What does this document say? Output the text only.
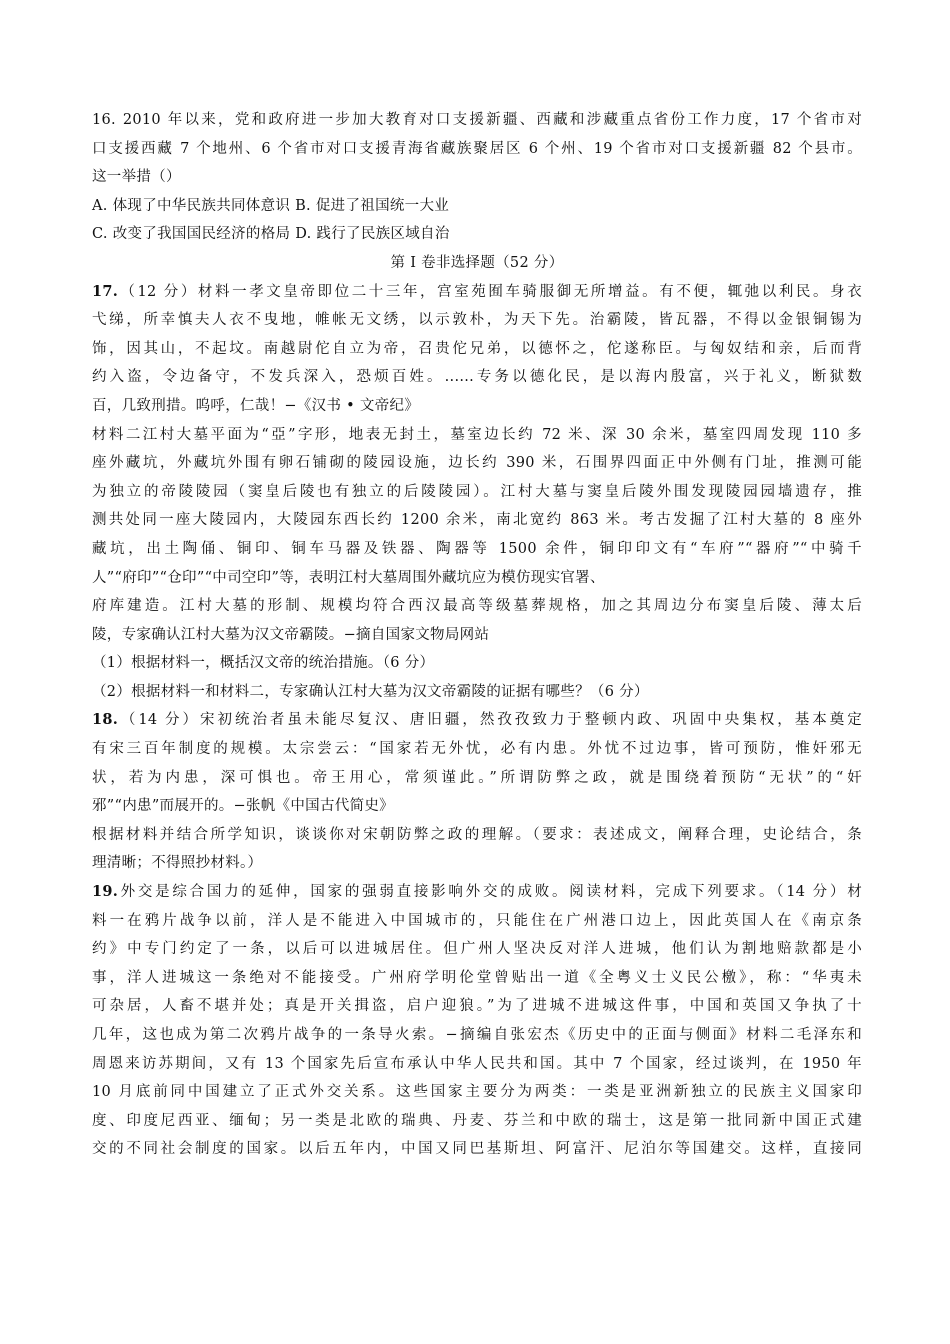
16. 2010 年以来，党和政府进一步加大教育对口支援新疆、西藏和涉藏重点省份工作力度，17 个省市对

口支援西藏 7 个地州、6 个省市对口支援青海省藏族聚居区 6 个州、19 个省市对口支援新疆 82 个县市。

这一举措（）

A. 体现了中华民族共同体意识 B. 促进了祖国统一大业

C. 改变了我国国民经济的格局 D. 践行了民族区域自治

第 I 卷非选择题（52 分）

17.（12 分）材料一孝文皇帝即位二十三年，宫室苑囿车骑服御无所增益。有不便，辄弛以利民。身衣

弋绨，所幸慎夫人衣不曳地，帷帐无文绣，以示敦朴，为天下先。治霸陵，皆瓦器，不得以金银铜锡为

饰，因其山，不起坟。南越尉佗自立为帝，召贵佗兄弟，以德怀之，佗遂称臣。与匈奴结和亲，后而背

约入盗，令边备守，不发兵深入，恐烦百姓。......专务以德化民，是以海内殷富，兴于礼义，断狱数

百，几致刑措。呜呼，仁哉！−《汉书 • 文帝纪》

材料二江村大墓平面为“亞”字形，地表无封土，墓室边长约 72 米、深 30 余米，墓室四周发现 110 多

座外藏坑，外藏坑外围有卵石铺砌的陵园设施，边长约 390 米，石围界四面正中外侧有门址，推测可能

为独立的帝陵陵园（窦皇后陵也有独立的后陵陵园）。江村大墓与窦皇后陵外围发现陵园园墙遗存，推

测共处同一座大陵园内，大陵园东西长约 1200 余米，南北宽约 863 米。考古发掘了江村大墓的 8 座外

藏坑，出土陶俑、铜印、铜车马器及铁器、陶器等 1500 余件，铜印印文有“车府”“器府”“中骑千

人”“府印”“仓印”“中司空印”等，表明江村大墓周围外藏坑应为模仿现实官署、

府库建造。江村大墓的形制、规模均符合西汉最高等级墓葬规格，加之其周边分布窦皇后陵、薄太后

陵，专家确认江村大墓为汉文帝霸陵。−摘自国家文物局网站

（1）根据材料一，概括汉文帝的统治措施。（6 分）

（2）根据材料一和材料二，专家确认江村大墓为汉文帝霸陵的证据有哪些？（6 分）

18.（14 分）宋初统治者虽未能尽复汉、唐旧疆，然孜孜致力于整顿内政、巩固中央集权，基本奠定

有宋三百年制度的规模。太宗尝云：“国家若无外忧，必有内患。外忧不过边事，皆可预防，惟奸邪无

状，若为内患，深可惧也。帝王用心，常须谨此。”所谓防弊之政，就是围绕着预防“无状”的“奸

邪”“内患”而展开的。−张帆《中国古代简史》

根据材料并结合所学知识，谈谈你对宋朝防弊之政的理解。（要求：表述成文，阐释合理，史论结合，条

理清晰；不得照抄材料。）

19.外交是综合国力的延伸，国家的强弱直接影响外交的成败。阅读材料，完成下列要求。（14 分）材

料一在鸦片战争以前，洋人是不能进入中国城市的，只能住在广州港口边上，因此英国人在《南京条

约》中专门约定了一条，以后可以进城居住。但广州人坚决反对洋人进城，他们认为割地赔款都是小

事，洋人进城这一条绝对不能接受。广州府学明伦堂曾贴出一道《全粤义士义民公檄》，称：“华夷未

可杂居，人畜不堪并处；真是开关揖盗，启户迎狼。”为了进城不进城这件事，中国和英国又争执了十

几年，这也成为第二次鸦片战争的一条导火索。−摘编自张宏杰《历史中的正面与侧面》材料二毛泽东和

周恩来访苏期间，又有 13 个国家先后宣布承认中华人民共和国。其中 7 个国家，经过谈判，在 1950 年

10 月底前同中国建立了正式外交关系。这些国家主要分为两类：一类是亚洲新独立的民族主义国家印

度、印度尼西亚、缅甸；另一类是北欧的瑞典、丹麦、芬兰和中欧的瑞士，这是第一批同新中国正式建

交的不同社会制度的国家。以后五年内，中国又同巴基斯坦、阿富汗、尼泊尔等国建交。这样，直接同
